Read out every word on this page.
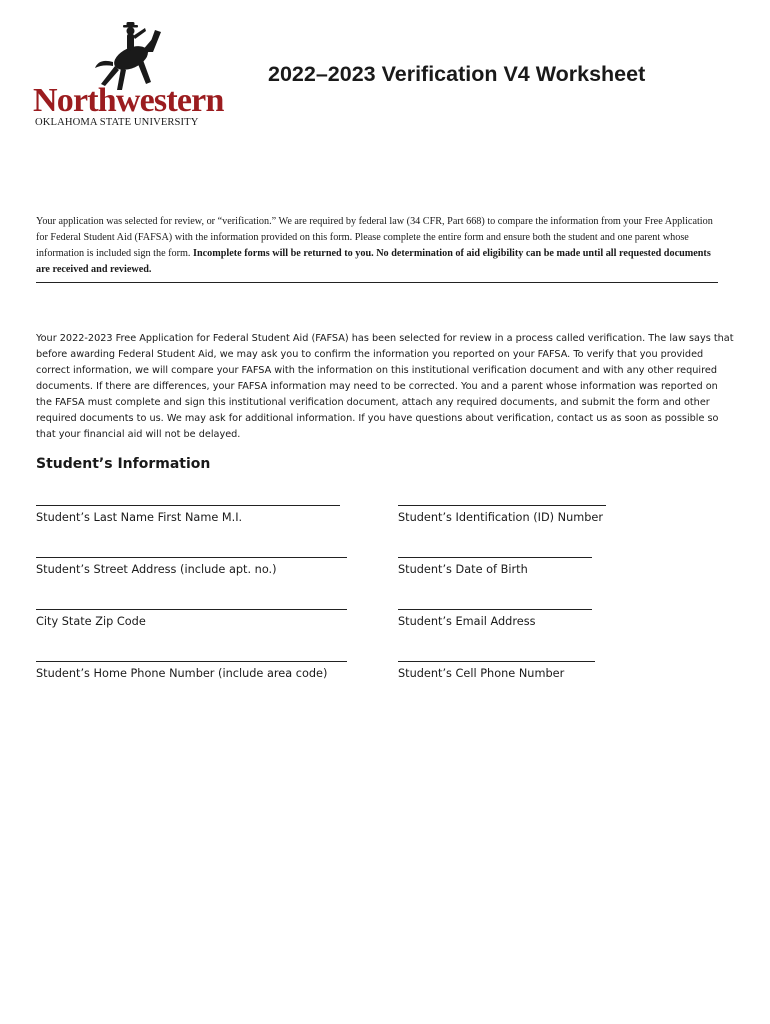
Northwestern
OKLAHOMA STATE UNIVERSITY
2022–2023 Verification V4 Worksheet

Your application was selected for review, or “verification.” We are required by federal law (34 CFR, Part 668) to compare the information from your Free Application for Federal Student Aid (FAFSA) with the information provided on this form. Please complete the entire form and ensure both the student and one parent whose information is included sign the form. Incomplete forms will be returned to you. No determination of aid eligibility can be made until all requested documents are received and reviewed.

Your 2022-2023 Free Application for Federal Student Aid (FAFSA) has been selected for review in a process called verification. The law says that before awarding Federal Student Aid, we may ask you to confirm the information you reported on your FAFSA. To verify that you provided correct information, we will compare your FAFSA with the information on this institutional verification document and with any other required documents. If there are differences, your FAFSA information may need to be corrected. You and a parent whose information was reported on the FAFSA must complete and sign this institutional verification document, attach any required documents, and submit the form and other required documents to us. We may ask for additional information. If you have questions about verification, contact us as soon as possible so that your financial aid will not be delayed.

Student’s Information
Student’s Last Name First Name M.I.	Student’s Identification (ID) Number
Student’s Street Address (include apt. no.)	Student’s Date of Birth
City State Zip Code	Student’s Email Address
Student’s Home Phone Number (include area code)	Student’s Cell Phone Number
